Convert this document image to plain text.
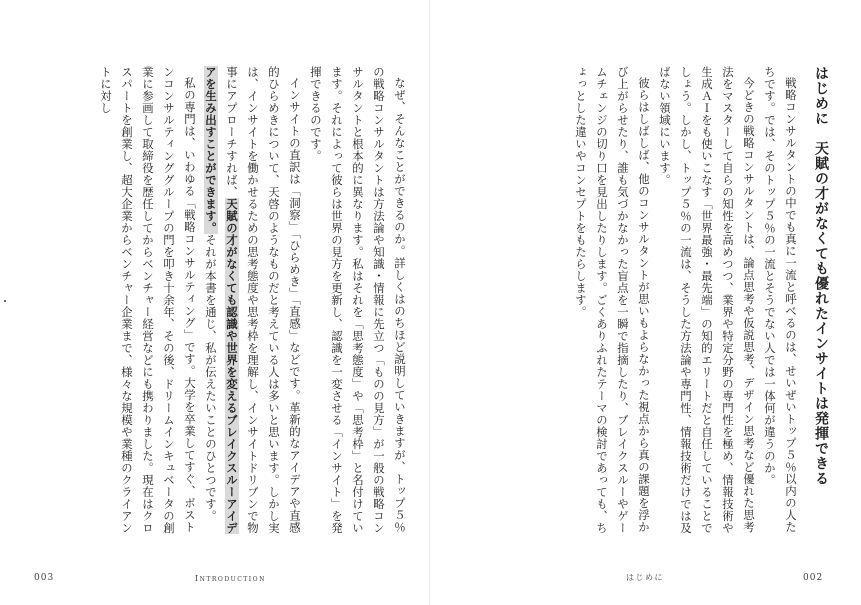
なぜ、そんなことができるのか。詳しくはのちほど説明していきますが、トップ５％の戦略コンサルタントは方法論や知識・情報に先立つ「ものの見方」が一般の戦略コンサルタントと根本的に異なります。私はそれを「思考態度」や「思考枠」と名付けています。それによって彼らは世界の見方を更新し、認識を一変させる「インサイト」を発揮できるのです。

インサイトの直訳は「洞察」「ひらめき」「直感」などです。革新的なアイデアや直感的ひらめきについて、天啓のようなものだと考えている人は多いと思います。しかし実は、インサイトを働かせるための思考態度や思考枠を理解し、インサイトドリブンで物事にアプローチすれば、天賦の才がなくても認識や世界を変えるブレイクスルーアイデアを生み出すことができます。それが本書を通じ、私が伝えたいことのひとつです。

私の専門は、いわゆる「戦略コンサルティング」です。大学を卒業してすぐ、ボストンコンサルティンググループの門を叩き十余年、その後、ドリームインキュベータの創業に参画して取締役を歴任してからベンチャー経営などにも携わりました。現在はクロスパートを創業し、超大企業からベンチャー企業まで、様々な規模や業種のクライアントに対し

003	Introduction
はじめに　天賦の才がなくても優れたインサイトは発揮できる

戦略コンサルタントの中でも真に一流と呼べるのは、せいぜいトップ５％以内の人たちです。では、そのトップ５％の一流とそうでない人では一体何が違うのか。

今どきの戦略コンサルタントは、論点思考や仮説思考、デザイン思考など優れた思考法をマスターして自らの知性を高めつつ、業界や特定分野の専門性を極め、情報技術や生成ＡＩをも使いこなす「世界最強・最先端」の知的エリートだと自任していることでしょう。しかし、トップ５％の一流は、そうした方法論や専門性、情報技術だけでは及ばない領域にいます。

彼らはしばしば、他のコンサルタントが思いもよらなかった視点から真の課題を浮かび上がらせたり、誰も気づかなかった盲点を一瞬で指摘したり、ブレイクスルーやゲームチェンジの切り口を見出したりします。ごくありふれたテーマの検討であっても、ちょっとした違いやコンセプトをもたらします。

はじめに	002
